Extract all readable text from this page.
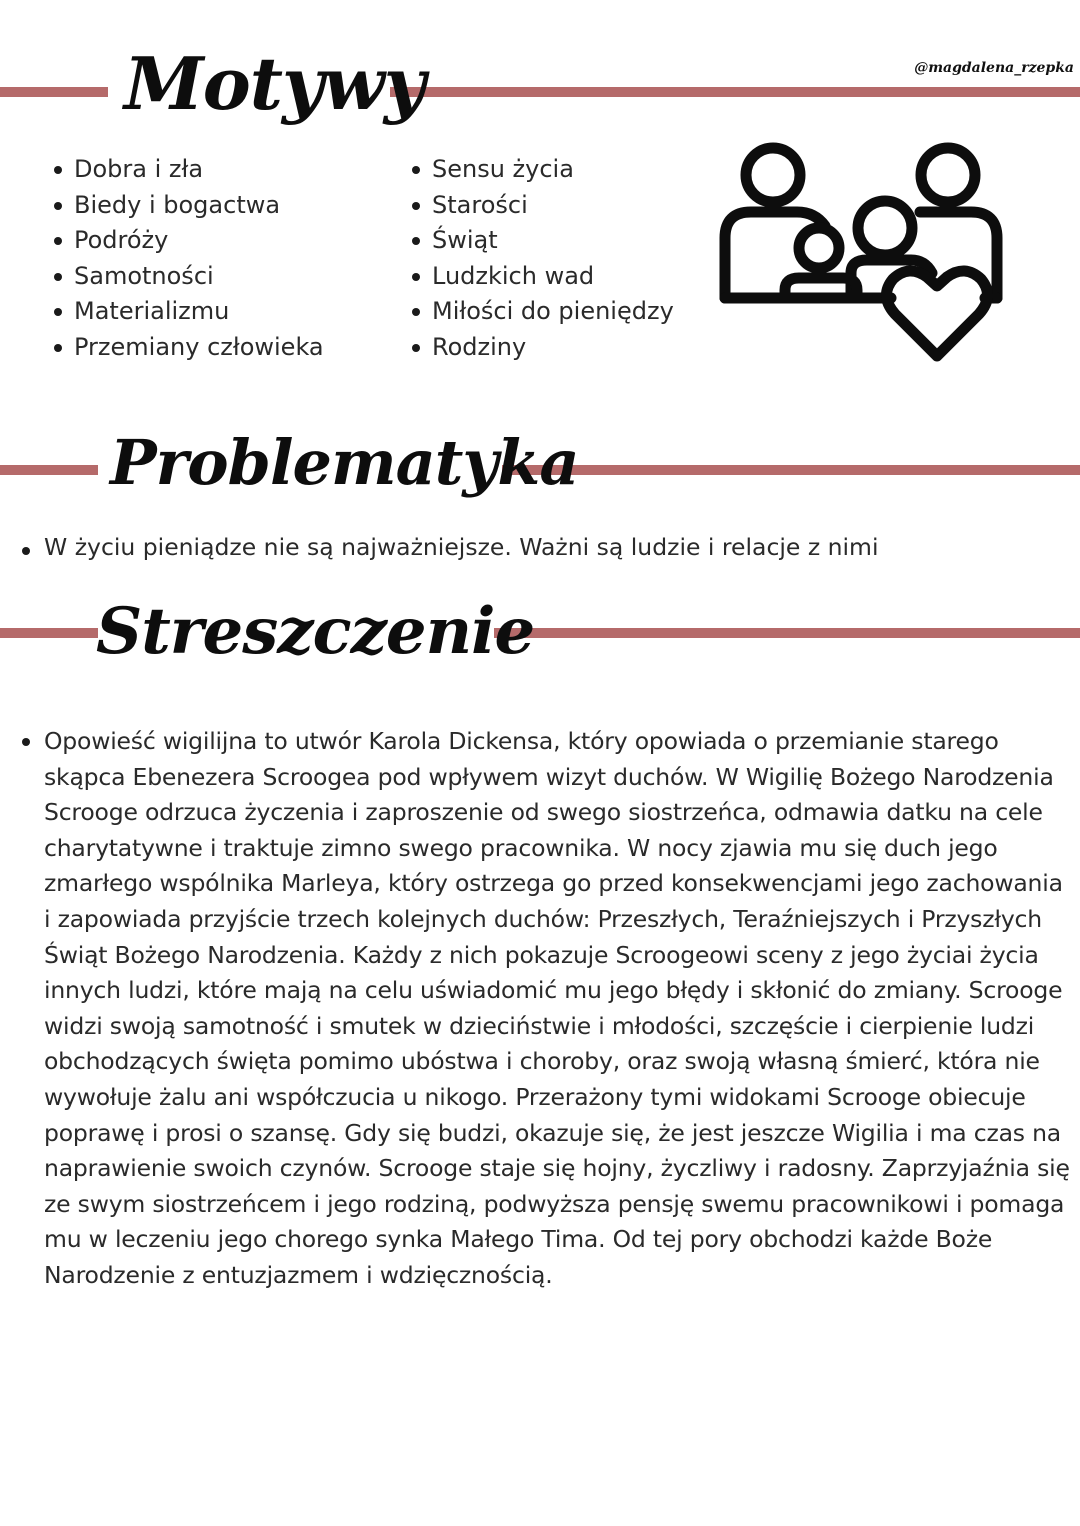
@magdalena_rzepka
Motywy
Dobra i zła
Biedy i bogactwa
Podróży
Samotności
Materializmu
Przemiany człowieka
Sensu życia
Starości
Świąt
Ludzkich wad
Miłości do pieniędzy
Rodziny
Problematyka
W życiu pieniądze nie są najważniejsze. Ważni są ludzie i relacje z nimi
Streszczenie
Opowieść wigilijna to utwór Karola Dickensa, który opowiada o przemianie starego skąpca Ebenezera Scroogea pod wpływem wizyt duchów. W Wigilię Bożego Narodzenia Scrooge odrzuca życzenia i zaproszenie od swego siostrzeńca, odmawia datku na cele charytatywne i traktuje zimno swego pracownika. W nocy zjawia mu się duch jego zmarłego wspólnika Marleya, który ostrzega go przed konsekwencjami jego zachowania i zapowiada przyjście trzech kolejnych duchów: Przeszłych, Teraźniejszych i Przyszłych Świąt Bożego Narodzenia. Każdy z nich pokazuje Scroogeowi sceny z jego życiai życia innych ludzi, które mają na celu uświadomić mu jego błędy i skłonić do zmiany. Scrooge widzi swoją samotność i smutek w dzieciństwie i młodości, szczęście i cierpienie ludzi obchodzących święta pomimo ubóstwa i choroby, oraz swoją własną śmierć, która nie wywołuje żalu ani współczucia u nikogo. Przerażony tymi widokami Scrooge obiecuje poprawę i prosi o szansę. Gdy się budzi, okazuje się, że jest jeszcze Wigilia i ma czas na naprawienie swoich czynów. Scrooge staje się hojny, życzliwy i radosny. Zaprzyjaźnia się ze swym siostrzeńcem i jego rodziną, podwyższa pensję swemu pracownikowi i pomaga mu w leczeniu jego chorego synka Małego Tima. Od tej pory obchodzi każde Boże Narodzenie z entuzjazmem i wdzięcznością.
